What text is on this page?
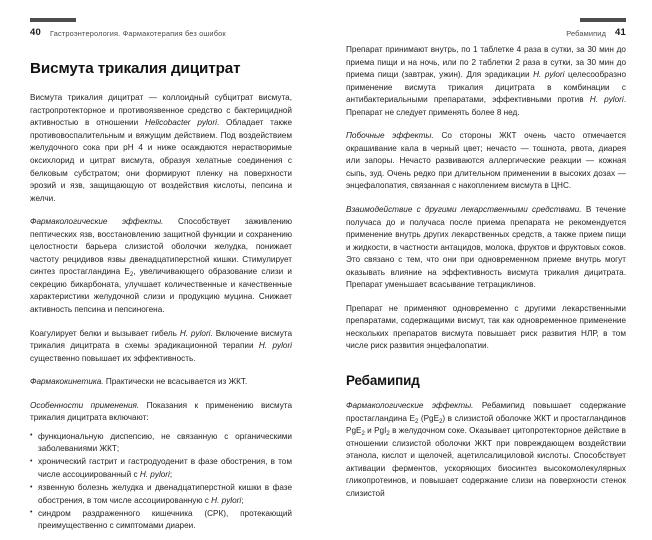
40 Гастроэнтерология. Фармакотерапия без ошибок
Висмута трикалия дицитрат

Висмута трикалия дицитрат — коллоидный субцитрат висмута, гастропротекторное и противоязвенное средство с бактерицидной активностью в отношении Helicobacter pylori. Обладает также противовоспалительным и вяжущим действием. Под воздействием желудочного сока при рН 4 и ниже осаждаются нерастворимые оксихлорид и цитрат висмута, образуя хелатные соединения с белковым субстратом; они формируют пленку на поверхности эрозий и язв, защищающую от воздействия кислоты, пепсина и желчи.

Фармакологические эффекты. Способствует заживлению пептических язв, восстановлению защитной функции и сохранению целостности барьера слизистой оболочки желудка, понижает частоту рецидивов язвы двенадцатиперстной кишки. Стимулирует синтез простагландина $Е_2$, увеличивающего образование слизи и секрецию бикарбоната, улучшает количественные и качественные характеристики желудочной слизи и продукцию муцина. Снижает активность пепсина и пепсиногена.

Коагулирует белки и вызывает гибель H. pylori. Включение висмута трикалия дицитрата в схемы эрадикационной терапии H. pylori существенно повышает их эффективность.

Фармакокинетика. Практически не всасывается из ЖКТ.

Особенности применения. Показания к применению висмута трикалия дицитрата включают:

• функциональную диспепсию, не связанную с органическими заболеваниями ЖКТ;
• хронический гастрит и гастродуоденит в фазе обострения, в том числе ассоциированный с H. pylori;
• язвенную болезнь желудка и двенадцатиперстной кишки в фазе обострения, в том числе ассоциированную с H. pylori;
• синдром раздраженного кишечника (СРК), протекающий преимущественно с симптомами диареи.
Ребамипид 41

Препарат принимают внутрь, по 1 таблетке 4 раза в сутки, за 30 мин до приема пищи и на ночь, или по 2 таблетки 2 раза в сутки, за 30 мин до приема пищи (завтрак, ужин). Для эрадикации H. pylori целесообразно применение висмута трикалия дицитрата в комбинации с антибактериальными препаратами, эффективными против H. pylori. Препарат не следует применять более 8 нед.

Побочные эффекты. Со стороны ЖКТ очень часто отмечается окрашивание кала в черный цвет; нечасто — тошнота, рвота, диарея или запоры. Нечасто развиваются аллергические реакции — кожная сыпь, зуд. Очень редко при длительном применении в высоких дозах — энцефалопатия, связанная с накоплением висмута в ЦНС.

Взаимодействие с другими лекарственными средствами. В течение получаса до и получаса после приема препарата не рекомендуется применение внутрь других лекарственных средств, а также прием пищи и жидкости, в частности антацидов, молока, фруктов и фруктовых соков. Это связано с тем, что они при одновременном приеме внутрь могут оказывать влияние на эффективность висмута трикалия дицитрата. Препарат уменьшает всасывание тетрациклинов.

Препарат не применяют одновременно с другими лекарственными препаратами, содержащими висмут, так как одновременное применение нескольких препаратов висмута повышает риск развития НЛР, в том числе риск развития энцефалопатии.

Ребамипид

Фармакологические эффекты. Ребамипид повышает содержание простагландина $Е_2$ (PgE$_2$) в слизистой оболочке ЖКТ и простагландинов PgE$_2$ и PgI$_2$ в желудочном соке. Оказывает цитопротекторное действие в отношении слизистой оболочки ЖКТ при повреждающем воздействии этанола, кислот и щелочей, ацетилсалициловой кислоты. Способствует активации ферментов, ускоряющих биосинтез высокомолекулярных гликопротеинов, и повышает содержание слизи на поверхности стенок слизистой
